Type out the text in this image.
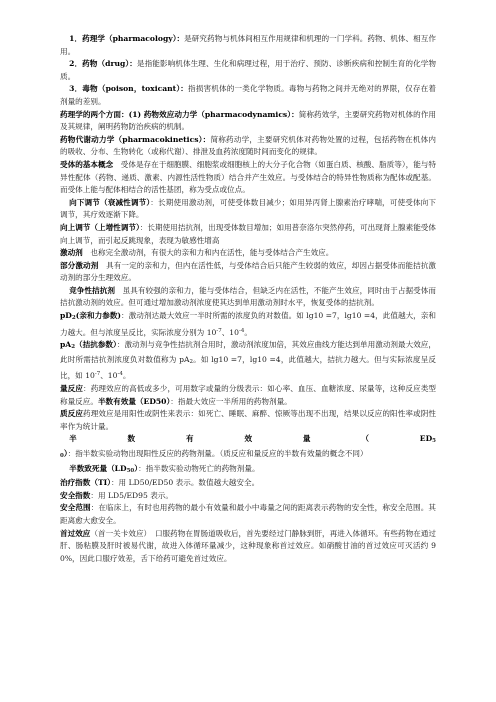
1．药理学（pharmacology）：是研究药物与机体间相互作用规律和机理的一门学科。药物、机体、相互作用。

2．药物（drug）：是指能影响机体生理、生化和病理过程，用于治疗、预防、诊断疾病和控制生育的化学物质。

3．毒物（poison，toxicant）：指损害机体的一类化学物质。毒物与药物之间并无绝对的界限，仅存在着剂量的差别。

药理学的两个方面：(1) 药物效应动力学（pharmacodynamics）：简称药效学，主要研究药物对机体的作用及其规律，阐明药物防治疾病的机制。

药物代谢动力学（pharmacokinetics）：简称药动学，主要研究机体对药物处置的过程，包括药物在机体内的吸收、分布、生物转化（或称代谢）、排泄及血药浓度随时间而变化的规律。

受体的基本概念　受体是存在于细胞膜、细胞浆或细胞核上的大分子化合物（如蛋白质、核酸、脂质等），能与特异性配体（药物、递质、激素、内源性活性物质）结合并产生效应。与受体结合的特异性物质称为配体或配基。而受体上能与配体相结合的活性基团，称为受点或位点。

向下调节（衰减性调节）：长期使用激动剂，可使受体数目减少；如用异丙肾上腺素治疗哮喘，可使受体向下调节，其疗效逐渐下降。

向上调节（上增性调节）：长期使用拮抗剂，出现受体数目增加；如用普奈洛尔突然停药，可出现肾上腺素能受体向上调节，而引起反跳现象，表现为敏感性增高

激动剂　也称完全激动剂，有很大的亲和力和内在活性，能与受体结合产生效应。

部分激动剂　具有一定的亲和力，但内在活性低，与受体结合后只能产生较弱的效应，却因占据受体而能拮抗激动剂的部分生理效应。

竞争性拮抗剂　虽具有较强的亲和力，能与受体结合，但缺乏内在活性，不能产生效应，同时由于占据受体而拮抗激动剂的效应。但可通过增加激动剂浓度使其达到单用激动剂时水平，恢复受体的拮抗剂。

pD2(亲和力参数)：激动剂达最大效应一半时所需的浓度负的对数值。如 lg10 =7，lg10 =4，此值越大，亲和力越大。但与浓度呈反比，实际浓度分别为 $10^{-7}$、$10^{-4}$。

pA2（拮抗参数）：激动剂与竞争性拮抗剂合用时，激动剂浓度加倍，其效应曲线方能达到单用激动剂最大效应，此时所需拮抗剂浓度负对数值称为 pA2。如 lg10 =7，lg10 =4，此值越大，拮抗力越大。但与实际浓度呈反比，如 $10^{-7}$、$10^{-4}$。

量反应：药理效应的高低或多少，可用数字或量的分级表示：如心率、血压、血糖浓度、尿量等，这种反应类型称量反应。半数有效量（ED50）：指最大效应一半所用的药物剂量。

质反应药理效应是用阳性或阴性来表示：如死亡、睡眠、麻醉、惊厥等出现不出现，结果以反应的阳性率或阴性率作为统计量。

半数有效量（ED50）：指半数实验动物出现阳性反应的药物剂量。（质反应和量反应的半数有效量的概念不同）

半数致死量（LD50）：指半数实验动物死亡的药物剂量。

治疗指数（TI）：用 LD50/ED50 表示。数值越大越安全。

安全指数：用 LD5/ED95 表示。

安全范围：在临床上，有时也用药物的最小有效量和最小中毒量之间的距离表示药物的安全性，称安全范围。其距离愈大愈安全。

首过效应（首一关卡效应）　口服药物在胃肠道吸收后，首先要经过门静脉到肝，再进入体循环。有些药物在通过肝、肠粘膜及肝时被易代谢，故进入体循环量减少，这种现象称首过效应。如硝酸甘油的首过效应可灭活约 90%，因此口服疗效差，舌下给药可避免首过效应。
